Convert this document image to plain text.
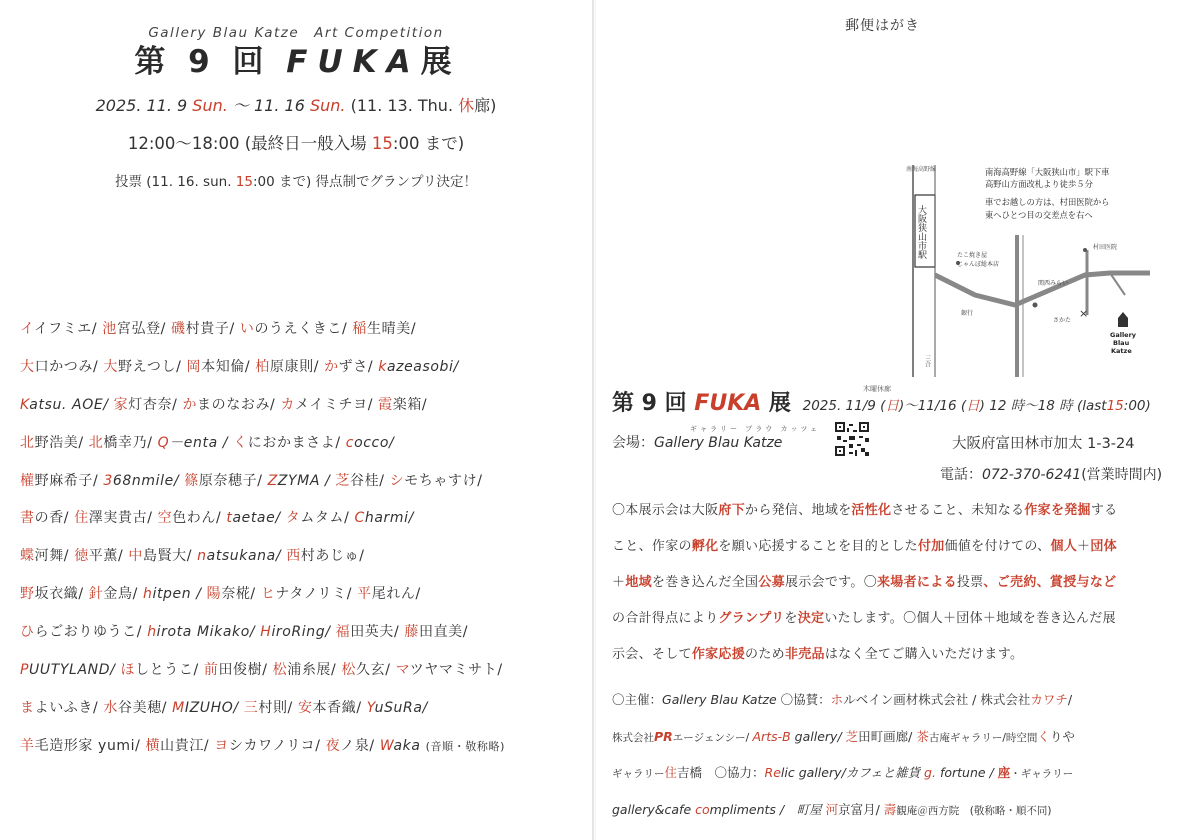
Gallery Blau Katze　Art Competition
第 9 回 FUKA展
2025. 11. 9 Sun. 〜 11. 16 Sun. (11. 13. Thu. 休廊)
12:00〜18:00 (最終日一般入場 15:00 まで)
投票 (11. 16. sun. 15:00 まで) 得点制でグランプリ決定！
イイフミエ/ 池宮弘登/ 磯村貴子/ いのうえくきこ/ 稲生晴美/
大口かつみ/ 大野えつし/ 岡本知倫/ 柏原康則/ かずさ/ kazeasobi/
Katsu. AOE/ 家灯杏奈/ かまのなおみ/ カメイミチヨ/ 霞楽箱/
北野浩美/ 北橋幸乃/ Q－enta / くにおかまさよ/ cocco/
權野麻希子/ 368nmile/ 篠原奈穂子/ ZZYMA / 芝谷桂/ シモちゃすけ/
書の香/ 住澤実貴古/ 空色わん/ taetae/ タムタム/ Charmi/
蝶河舞/ 徳平薫/ 中島賢大/ natsukana/ 西村あじゅ/
野坂衣織/ 針金鳥/ hitpen / 陽奈椛/ ヒナタノリミ/ 平尾れん/
ひらごおりゆうこ/ hirota Mikako/ HiroRing/ 福田英夫/ 藤田直美/
PUUTYLAND/ ほしとうこ/ 前田俊樹/ 松浦糸展/ 松久玄/ マツヤマミサト/
まよいふき/ 水谷美穂/ MIZUHO/ 三村則/ 安本香織/ YuSuRa/
羊毛造形家 yumi/ 横山貴江/ ヨシカワノリコ/ 夜ノ泉/ Waka (音順・敬称略)
郵便はがき
×
南海高野線
大阪狭山市駅
南海高野線「大阪狭山市」駅下車
高野山方面改札より徒歩５分
車でお越しの方は、村田医院から
東へひとつ目の交差点を右へ
たこ焼き屋
じゃんぼ総本店
銀行
関西みらい
村田医院
さかた
Gallery
Blau
Katze
三合
木曜休廊
第 9 回 FUKA 展 2025. 11/9 (日)〜11/16 (日) 12 時〜18 時 (last15:00)
ギャラリー ブラウ カッツェ
会場：Gallery Blau Katze	大阪府富田林市加太 1-3-24
電話：072-370-6241(営業時間内)
〇本展示会は大阪府下から発信、地域を活性化させること、未知なる作家を発掘する
こと、作家の孵化を願い応援することを目的とした付加価値を付けての、個人＋団体
＋地域を巻き込んだ全国公募展示会です。〇来場者による投票、ご売約、賞授与など
の合計得点によりグランプリを決定いたします。〇個人＋団体＋地域を巻き込んだ展
示会、そして作家応援のため非売品はなく全てご購入いただけます。
〇主催：Gallery Blau Katze 〇協賛：ホルベイン画材株式会社 / 株式会社カワチ/
株式会社PRエージェンシー/ Arts-B gallery/ 芝田町画廊/ 茶古庵ギャラリー/時空間くりや
ギャラリー住吉橋　〇協力：Relic gallery/カフェと雑貨 g. fortune / 座・ギャラリー
gallery&cafe compliments /　町屋 河京富月/ 壽観庵＠西方院　(敬称略・順不同)
